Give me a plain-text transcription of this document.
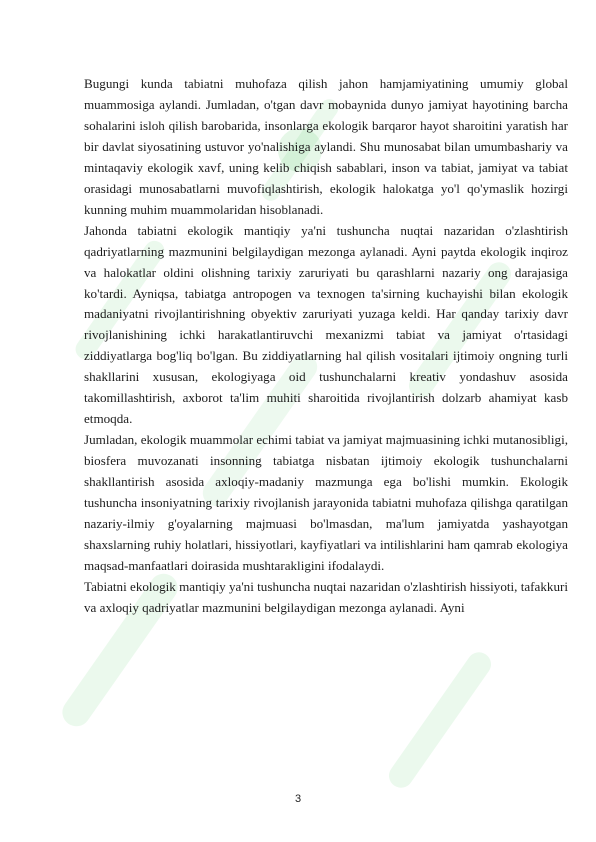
Bugungi kunda tabiatni muhofaza qilish jahon hamjamiyatining umumiy global muammosiga aylandi. Jumladan, o'tgan davr mobaynida dunyo jamiyat hayotining barcha sohalarini isloh qilish barobarida, insonlarga ekologik barqaror hayot sharoitini yaratish har bir davlat siyosatining ustuvor yo'nalishiga aylandi. Shu munosabat bilan umumbashariy va mintaqaviy ekologik xavf, uning kelib chiqish sabablari, inson va tabiat, jamiyat va tabiat orasidagi munosabatlarni muvofiqlashtirish, ekologik halokatga yo'l qo'ymaslik hozirgi kunning muhim muammolaridan hisoblanadi.

Jahonda tabiatni ekologik mantiqiy ya'ni tushuncha nuqtai nazaridan o'zlashtirish qadriyatlarning mazmunini belgilaydigan mezonga aylanadi. Ayni paytda ekologik inqiroz va halokatlar oldini olishning tarixiy zaruriyati bu qarashlarni nazariy ong darajasiga ko'tardi. Ayniqsa, tabiatga antropogen va texnogen ta'sirning kuchayishi bilan ekologik madaniyatni rivojlantirishning obyektiv zaruriyati yuzaga keldi. Har qanday tarixiy davr rivojlanishining ichki harakatlantiruvchi mexanizmi tabiat va jamiyat o'rtasidagi ziddiyatlarga bog'liq bo'lgan. Bu ziddiyatlarning hal qilish vositalari ijtimoiy ongning turli shakllarini xususan, ekologiyaga oid tushunchalarni kreativ yondashuv asosida takomillashtirish, axborot ta'lim muhiti sharoitida rivojlantirish dolzarb ahamiyat kasb etmoqda.

Jumladan, ekologik muammolar echimi tabiat va jamiyat majmuasining ichki mutanosibligi, biosfera muvozanati insonning tabiatga nisbatan ijtimoiy ekologik tushunchalarni shakllantirish asosida axloqiy-madaniy mazmunga ega bo'lishi mumkin. Ekologik tushuncha insoniyatning tarixiy rivojlanish jarayonida tabiatni muhofaza qilishga qaratilgan nazariy-ilmiy g'oyalarning majmuasi bo'lmasdan, ma'lum jamiyatda yashayotgan shaxslarning ruhiy holatlari, hissiyotlari, kayfiyatlari va intilishlarini ham qamrab ekologiya maqsad-manfaatlari doirasida mushtarakligini ifodalaydi.

Tabiatni ekologik mantiqiy ya'ni tushuncha nuqtai nazaridan o'zlashtirish hissiyoti, tafakkuri va axloqiy qadriyatlar mazmunini belgilaydigan mezonga aylanadi. Ayni

3
